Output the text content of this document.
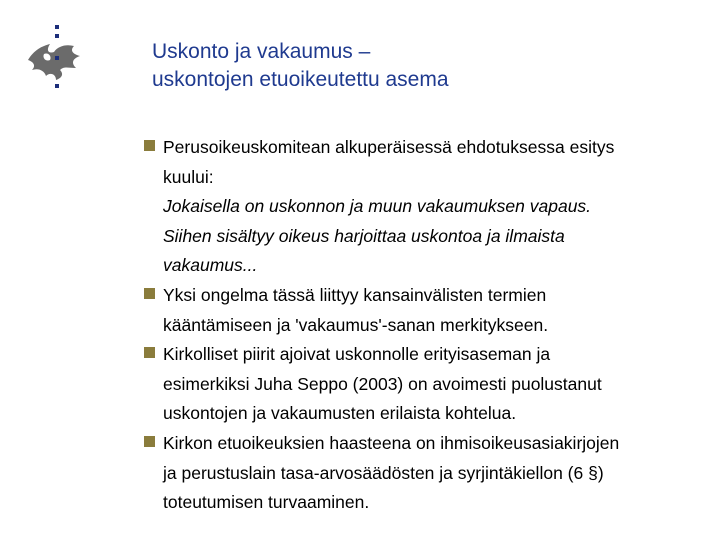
Uskonto ja vakaumus –
uskontojen etuoikeutettu asema
Perusoikeuskomitean alkuperäisessä ehdotuksessa esitys
kuului:
Jokaisella on uskonnon ja muun vakaumuksen vapaus.
Siihen sisältyy oikeus harjoittaa uskontoa ja ilmaista
vakaumus...
Yksi ongelma tässä liittyy kansainvälisten termien
kääntämiseen ja 'vakaumus'-sanan merkitykseen.
Kirkolliset piirit ajoivat uskonnolle erityisaseman ja
esimerkiksi Juha Seppo (2003) on avoimesti puolustanut
uskontojen ja vakaumusten erilaista kohtelua.
Kirkon etuoikeuksien haasteena on ihmisoikeusasiakirjojen
ja perustuslain tasa-arvosäädösten ja syrjintäkiellon (6 §)
toteutumisen turvaaminen.
